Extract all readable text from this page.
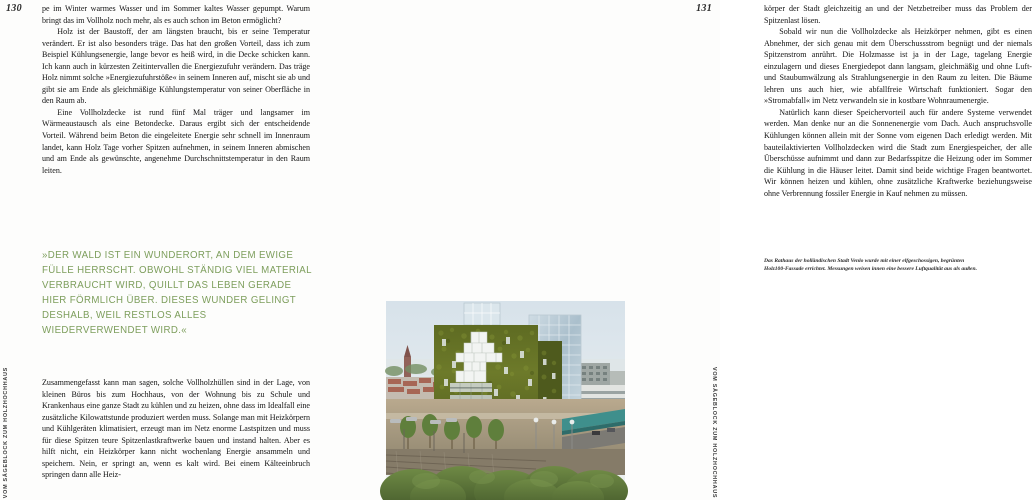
130
VOM SÄGEBLOCK ZUM HOLZHOCHHAUS

pe im Winter warmes Wasser und im Sommer kaltes Wasser gepumpt. Warum bringt das im Vollholz noch mehr, als es auch schon im Beton ermöglicht?

Holz ist der Baustoff, der am längsten braucht, bis er seine Temperatur verändert. Er ist also besonders träge. Das hat den großen Vorteil, dass ich zum Beispiel Kühlungsenergie, lange bevor es heiß wird, in die Decke schicken kann. Ich kann auch in kürzesten Zeitintervallen die Energiezufuhr verändern. Das träge Holz nimmt solche »Energiezufuhrstöße« in seinem Inneren auf, mischt sie ab und gibt sie am Ende als gleichmäßige Kühlungstemperatur von seiner Oberfläche in den Raum ab.

Eine Vollholzdecke ist rund fünf Mal träger und langsamer im Wärmeaustausch als eine Betondecke. Daraus ergibt sich der entscheidende Vorteil. Während beim Beton die eingeleitete Energie sehr schnell im Innenraum landet, kann Holz Tage vorher Spitzen aufnehmen, in seinem Inneren abmischen und am Ende als gewünschte, angenehme Durchschnittstemperatur in den Raum leiten.

»DER WALD IST EIN WUNDERORT, AN DEM EWIGE FÜLLE HERRSCHT. OBWOHL STÄNDIG VIEL MATERIAL VERBRAUCHT WIRD, QUILLT DAS LEBEN GERADE HIER FÖRMLICH ÜBER. DIESES WUNDER GELINGT DESHALB, WEIL RESTLOS ALLES WIEDERVERWENDET WIRD.«

Zusammengefasst kann man sagen, solche Vollholzhüllen sind in der Lage, von kleinen Büros bis zum Hochhaus, von der Wohnung bis zu Schule und Krankenhaus eine ganze Stadt zu kühlen und zu heizen, ohne dass im Idealfall eine zusätzliche Kilowattstunde produziert werden muss. Solange man mit Heizkörpern und Kühlgeräten klimatisiert, erzeugt man im Netz enorme Lastspitzen und muss für diese Spitzen teure Spitzenlastkraftwerke bauen und instand halten. Aber es hilft nicht, ein Heizkörper kann nicht wochenlang Energie ansammeln und speichern. Nein, er springt an, wenn es kalt wird. Bei einem Kälteeinbruch springen dann alle Heiz-

131
VOM SÄGEBLOCK ZUM HOLZHOCHHAUS

körper der Stadt gleichzeitig an und der Netzbetreiber muss das Problem der Spitzenlast lösen.

Sobald wir nun die Vollholzdecke als Heizkörper nehmen, gibt es einen Abnehmer, der sich genau mit dem Überschussstrom begnügt und der niemals Spitzenstrom anrührt. Die Holzmasse ist ja in der Lage, tagelang Energie einzulagern und dieses Energiedepot dann langsam, gleichmäßig und ohne Luft- und Staubumwälzung als Strahlungsenergie in den Raum zu leiten. Die Bäume lehren uns auch hier, wie abfallfreie Wirtschaft funktioniert. Sogar den »Stromabfall« im Netz verwandeln sie in kostbare Wohnraumenergie.

Natürlich kann dieser Speichervorteil auch für andere Systeme verwendet werden. Man denke nur an die Sonnenenergie vom Dach. Auch anspruchsvolle Kühlungen können allein mit der Sonne vom eigenen Dach erledigt werden. Mit bauteilaktivierten Vollholzdecken wird die Stadt zum Energiespeicher, der alle Überschüsse aufnimmt und dann zur Bedarfsspitze die Heizung oder im Sommer die Kühlung in die Häuser leitet. Damit sind beide wichtige Fragen beantwortet. Wir können heizen und kühlen, ohne zusätzliche Kraftwerke beziehungsweise ohne Verbrennung fossiler Energie in Kauf nehmen zu müssen.

Das Rathaus der holländischen Stadt Venlo wurde mit einer elfgeschossigen, begrünten Holz100-Fassade errichtet. Messungen weisen innen eine bessere Luftqualität aus als außen.
